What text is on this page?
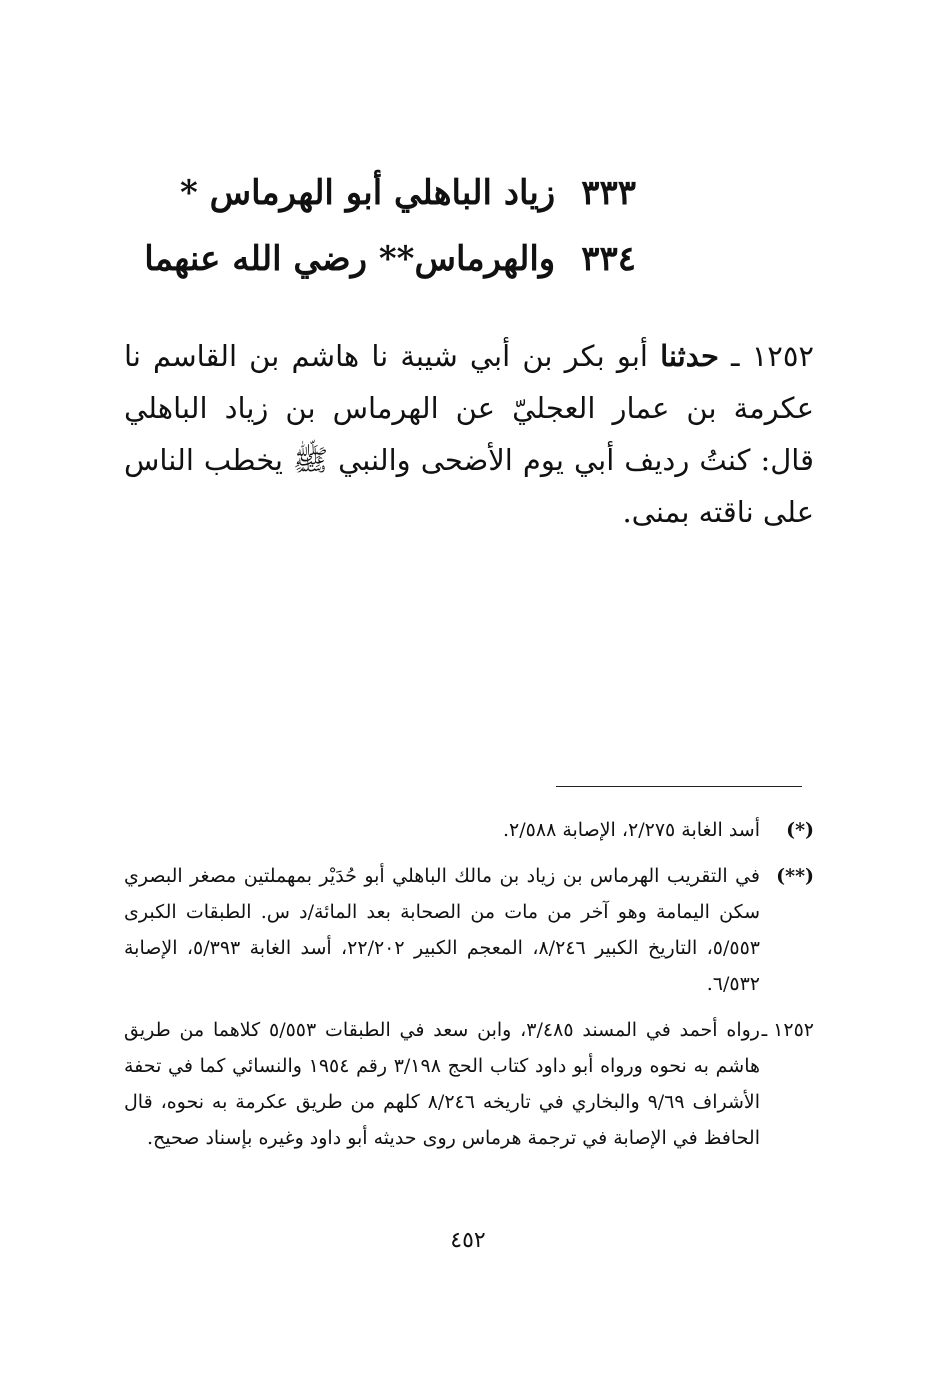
٣٣٣زياد الباهلي أبو الهرماس *
٣٣٤والهرماس** رضي الله عنهما
١٢٥٢ ـ حدثنا أبو بكر بن أبي شيبة نا هاشم بن القاسم نا عكرمة بن عمار العجليّ عن الهرماس بن زياد الباهلي قال: كنتُ رديف أبي يوم الأضحى والنبي ﷺ يخطب الناس على ناقته بمنى.
(*)
أسد الغابة ٢/٢٧٥، الإصابة ٢/٥٨٨.
(**)
في التقريب الهرماس بن زياد بن مالك الباهلي أبو حُدَيْر بمهملتين مصغر البصري سكن اليمامة وهو آخر من مات من الصحابة بعد المائة/د س. الطبقات الكبرى ٥/٥٥٣، التاريخ الكبير ٨/٢٤٦، المعجم الكبير ٢٢/٢٠٢، أسد الغابة ٥/٣٩٣، الإصابة ٦/٥٣٢.
١٢٥٢ ـ
رواه أحمد في المسند ٣/٤٨٥، وابن سعد في الطبقات ٥/٥٥٣ كلاهما من طريق هاشم به نحوه ورواه أبو داود كتاب الحج ٣/١٩٨ رقم ١٩٥٤ والنسائي كما في تحفة الأشراف ٩/٦٩ والبخاري في تاريخه ٨/٢٤٦ كلهم من طريق عكرمة به نحوه، قال الحافظ في الإصابة في ترجمة هرماس روى حديثه أبو داود وغيره بإسناد صحيح.
٤٥٢
